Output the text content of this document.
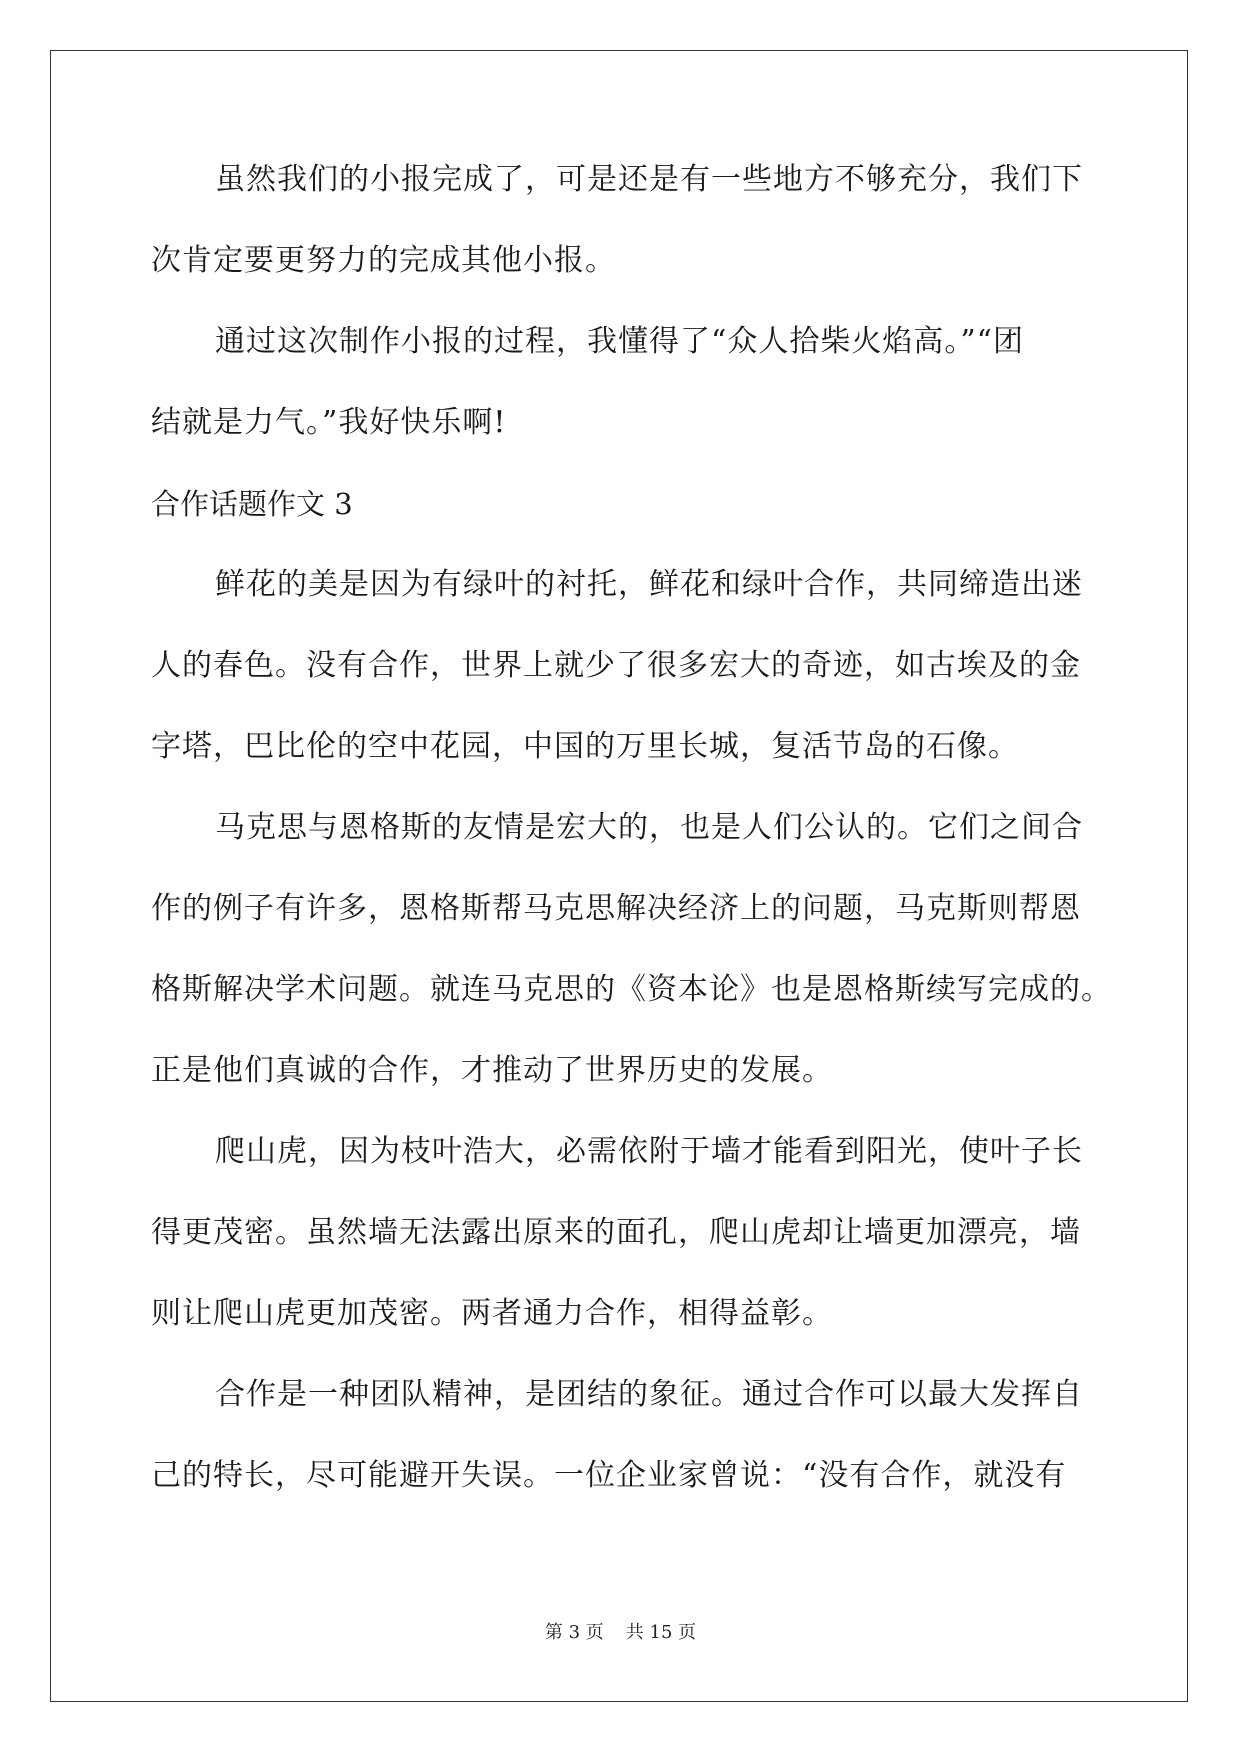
虽然我们的小报完成了，可是还是有一些地方不够充分，我们下
次肯定要更努力的完成其他小报。
通过这次制作小报的过程，我懂得了“众人拾柴火焰高。”“团
结就是力气。”我好快乐啊!
合作话题作文 3
鲜花的美是因为有绿叶的衬托，鲜花和绿叶合作，共同缔造出迷
人的春色。没有合作，世界上就少了很多宏大的奇迹，如古埃及的金
字塔，巴比伦的空中花园，中国的万里长城，复活节岛的石像。
马克思与恩格斯的友情是宏大的，也是人们公认的。它们之间合
作的例子有许多，恩格斯帮马克思解决经济上的问题，马克斯则帮恩
格斯解决学术问题。就连马克思的《资本论》也是恩格斯续写完成的。
正是他们真诚的合作，才推动了世界历史的发展。
爬山虎，因为枝叶浩大，必需依附于墙才能看到阳光，使叶子长
得更茂密。虽然墙无法露出原来的面孔，爬山虎却让墙更加漂亮，墙
则让爬山虎更加茂密。两者通力合作，相得益彰。
合作是一种团队精神，是团结的象征。通过合作可以最大发挥自
己的特长，尽可能避开失误。一位企业家曾说：“没有合作，就没有
第 3 页 共 15 页
